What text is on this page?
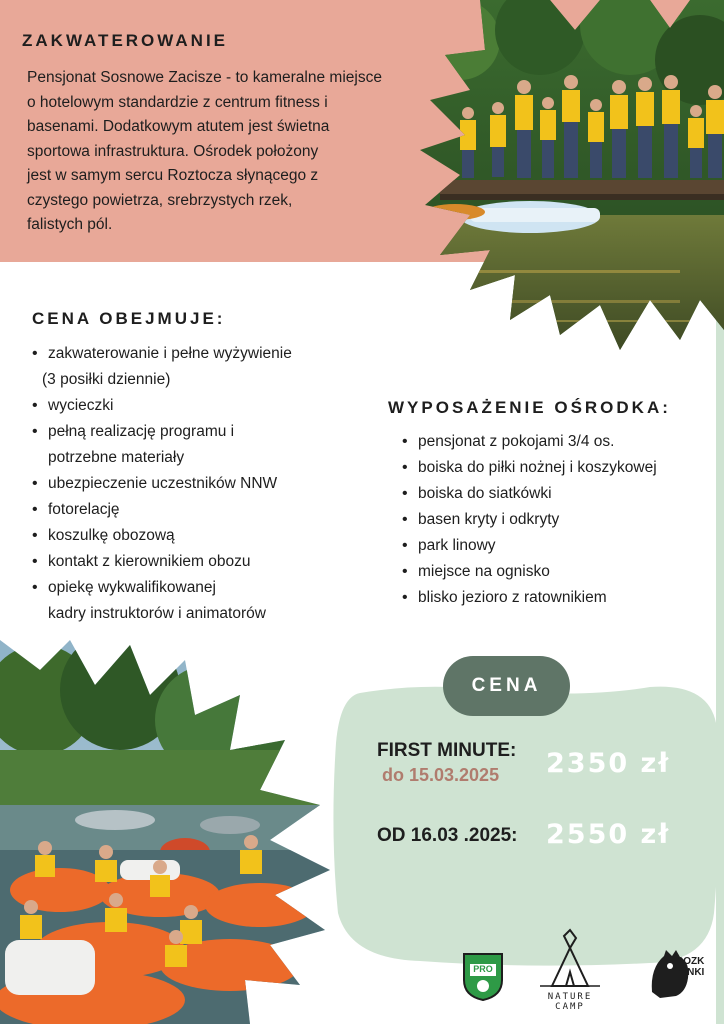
ZAKWATEROWANIE
Pensjonat Sosnowe Zacisze - to kameralne miejsce
o hotelowym standardzie z centrum fitness i
basenami. Dodatkowym atutem jest świetna
sportowa infrastruktura. Ośrodek położony
jest w samym sercu Roztocza słynącego z
czystego powietrza, srebrzystych rzek,
falistych pól.
CENA OBEJMUJE:
• zakwaterowanie i pełne wyżywienie
(3 posiłki dziennie)
• wycieczki
• pełną realizację programu i
potrzebne materiały
• ubezpieczenie uczestników NNW
• fotorelację
• koszulkę obozową
• kontakt z kierownikiem obozu
• opiekę wykwalifikowanej
kadry instruktorów i animatorów
WYPOSAŻENIE OŚRODKA:
• pensjonat z pokojami 3/4 os.
• boiska do piłki nożnej i koszykowej
• boiska do siatkówki
• basen kryty i odkryty
• park linowy
• miejsce na ognisko
• blisko jezioro z ratownikiem
CENA
FIRST MINUTE:
do 15.03.2025 2350 zł
OD 16.03 .2025: 2550 zł
PRO
NATURE CAMP
ROZKMINKI
